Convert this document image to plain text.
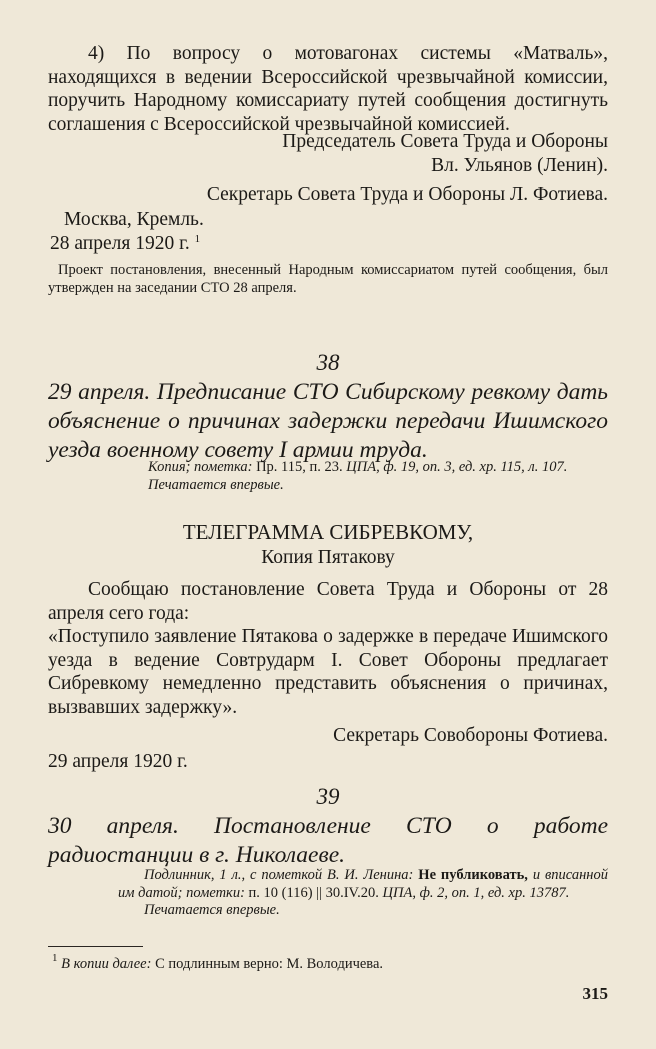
4) По вопросу о мотовагонах системы «Матваль», находящихся в ведении Всероссийской чрезвычайной комиссии, поручить Народному комиссариату путей сообщения достигнуть соглашения с Всероссийской чрезвычайной комиссией.

Председатель Совета Труда и Обороны

Вл. Ульянов (Ленин).

Секретарь Совета Труда и Обороны Л. Фотиева.

Москва, Кремль.

28 апреля 1920 г. $^1$

Проект постановления, внесенный Народным комиссариатом путей сообщения, был утвержден на заседании СТО 28 апреля.

38

29 апреля. Предписание СТО Сибирскому ревкому дать объяснение о причинах задержки передачи Ишимского уезда военному совету I армии труда.

Копия; пометка: Пр. 115, п. 23. ЦПА, ф. 19, оп. 3, ед. хр. 115, л. 107.

Печатается впервые.

ТЕЛЕГРАММА СИБРЕВКОМУ,

Копия Пятакову

Сообщаю постановление Совета Труда и Обороны от 28 апреля сего года:

«Поступило заявление Пятакова о задержке в передаче Ишимского уезда в ведение Совтрударм I. Совет Обороны предлагает Сибревкому немедленно представить объяснения о причинах, вызвавших задержку».

Секретарь Совобороны Фотиева.

29 апреля 1920 г.

39

30 апреля. Постановление СТО о работе радиостанции в г. Николаеве.

Подлинник, 1 л., с пометкой В. И. Ленина: Не публиковать, и вписанной им датой; пометки: п. 10 (116) || 30.IV.20. ЦПА, ф. 2, оп. 1, ед. хр. 13787.

Печатается впервые.

$^1$ В копии далее: С подлинным верно: М. Володичева.

315
